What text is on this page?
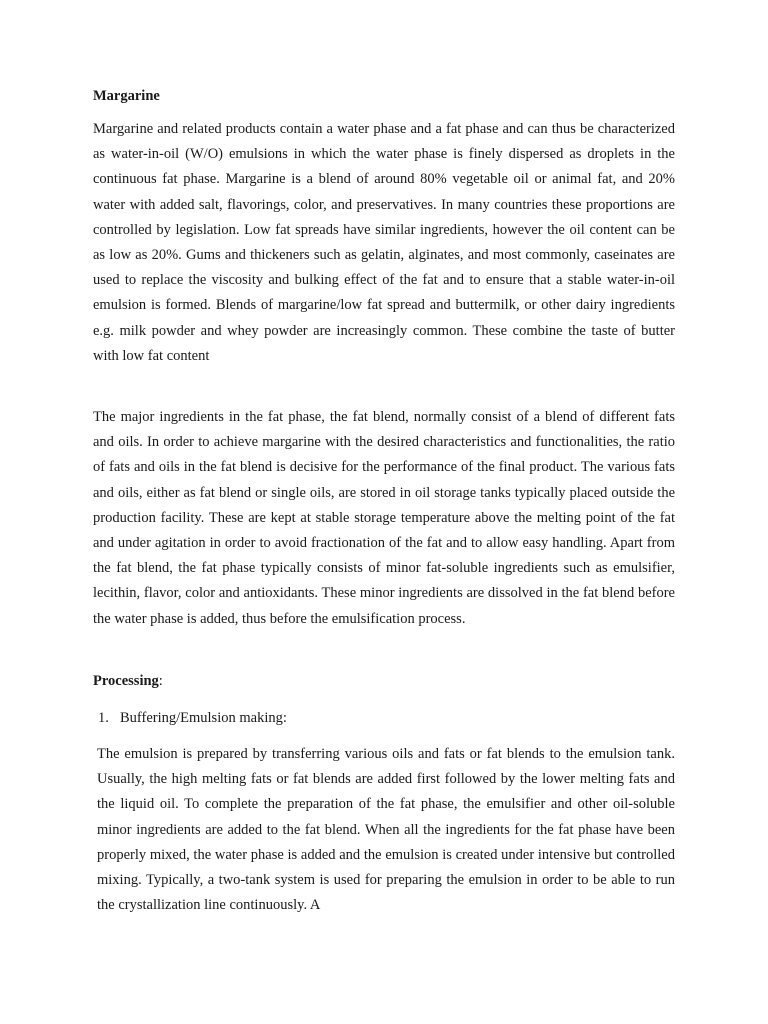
Margarine

Margarine and related products contain a water phase and a fat phase and can thus be characterized as water-in-oil (W/O) emulsions in which the water phase is finely dispersed as droplets in the continuous fat phase. Margarine is a blend of around 80% vegetable oil or animal fat, and 20% water with added salt, flavorings, color, and preservatives. In many countries these proportions are controlled by legislation. Low fat spreads have similar ingredients, however the oil content can be as low as 20%. Gums and thickeners such as gelatin, alginates, and most commonly, caseinates are used to replace the viscosity and bulking effect of the fat and to ensure that a stable water-in-oil emulsion is formed. Blends of margarine/low fat spread and buttermilk, or other dairy ingredients e.g. milk powder and whey powder are increasingly common. These combine the taste of butter with low fat content

The major ingredients in the fat phase, the fat blend, normally consist of a blend of different fats and oils. In order to achieve margarine with the desired characteristics and functionalities, the ratio of fats and oils in the fat blend is decisive for the performance of the final product. The various fats and oils, either as fat blend or single oils, are stored in oil storage tanks typically placed outside the production facility. These are kept at stable storage temperature above the melting point of the fat and under agitation in order to avoid fractionation of the fat and to allow easy handling. Apart from the fat blend, the fat phase typically consists of minor fat-soluble ingredients such as emulsifier, lecithin, flavor, color and antioxidants. These minor ingredients are dissolved in the fat blend before the water phase is added, thus before the emulsification process.

Processing:

1. Buffering/Emulsion making:

The emulsion is prepared by transferring various oils and fats or fat blends to the emulsion tank. Usually, the high melting fats or fat blends are added first followed by the lower melting fats and the liquid oil. To complete the preparation of the fat phase, the emulsifier and other oil-soluble minor ingredients are added to the fat blend. When all the ingredients for the fat phase have been properly mixed, the water phase is added and the emulsion is created under intensive but controlled mixing. Typically, a two-tank system is used for preparing the emulsion in order to be able to run the crystallization line continuously. A
